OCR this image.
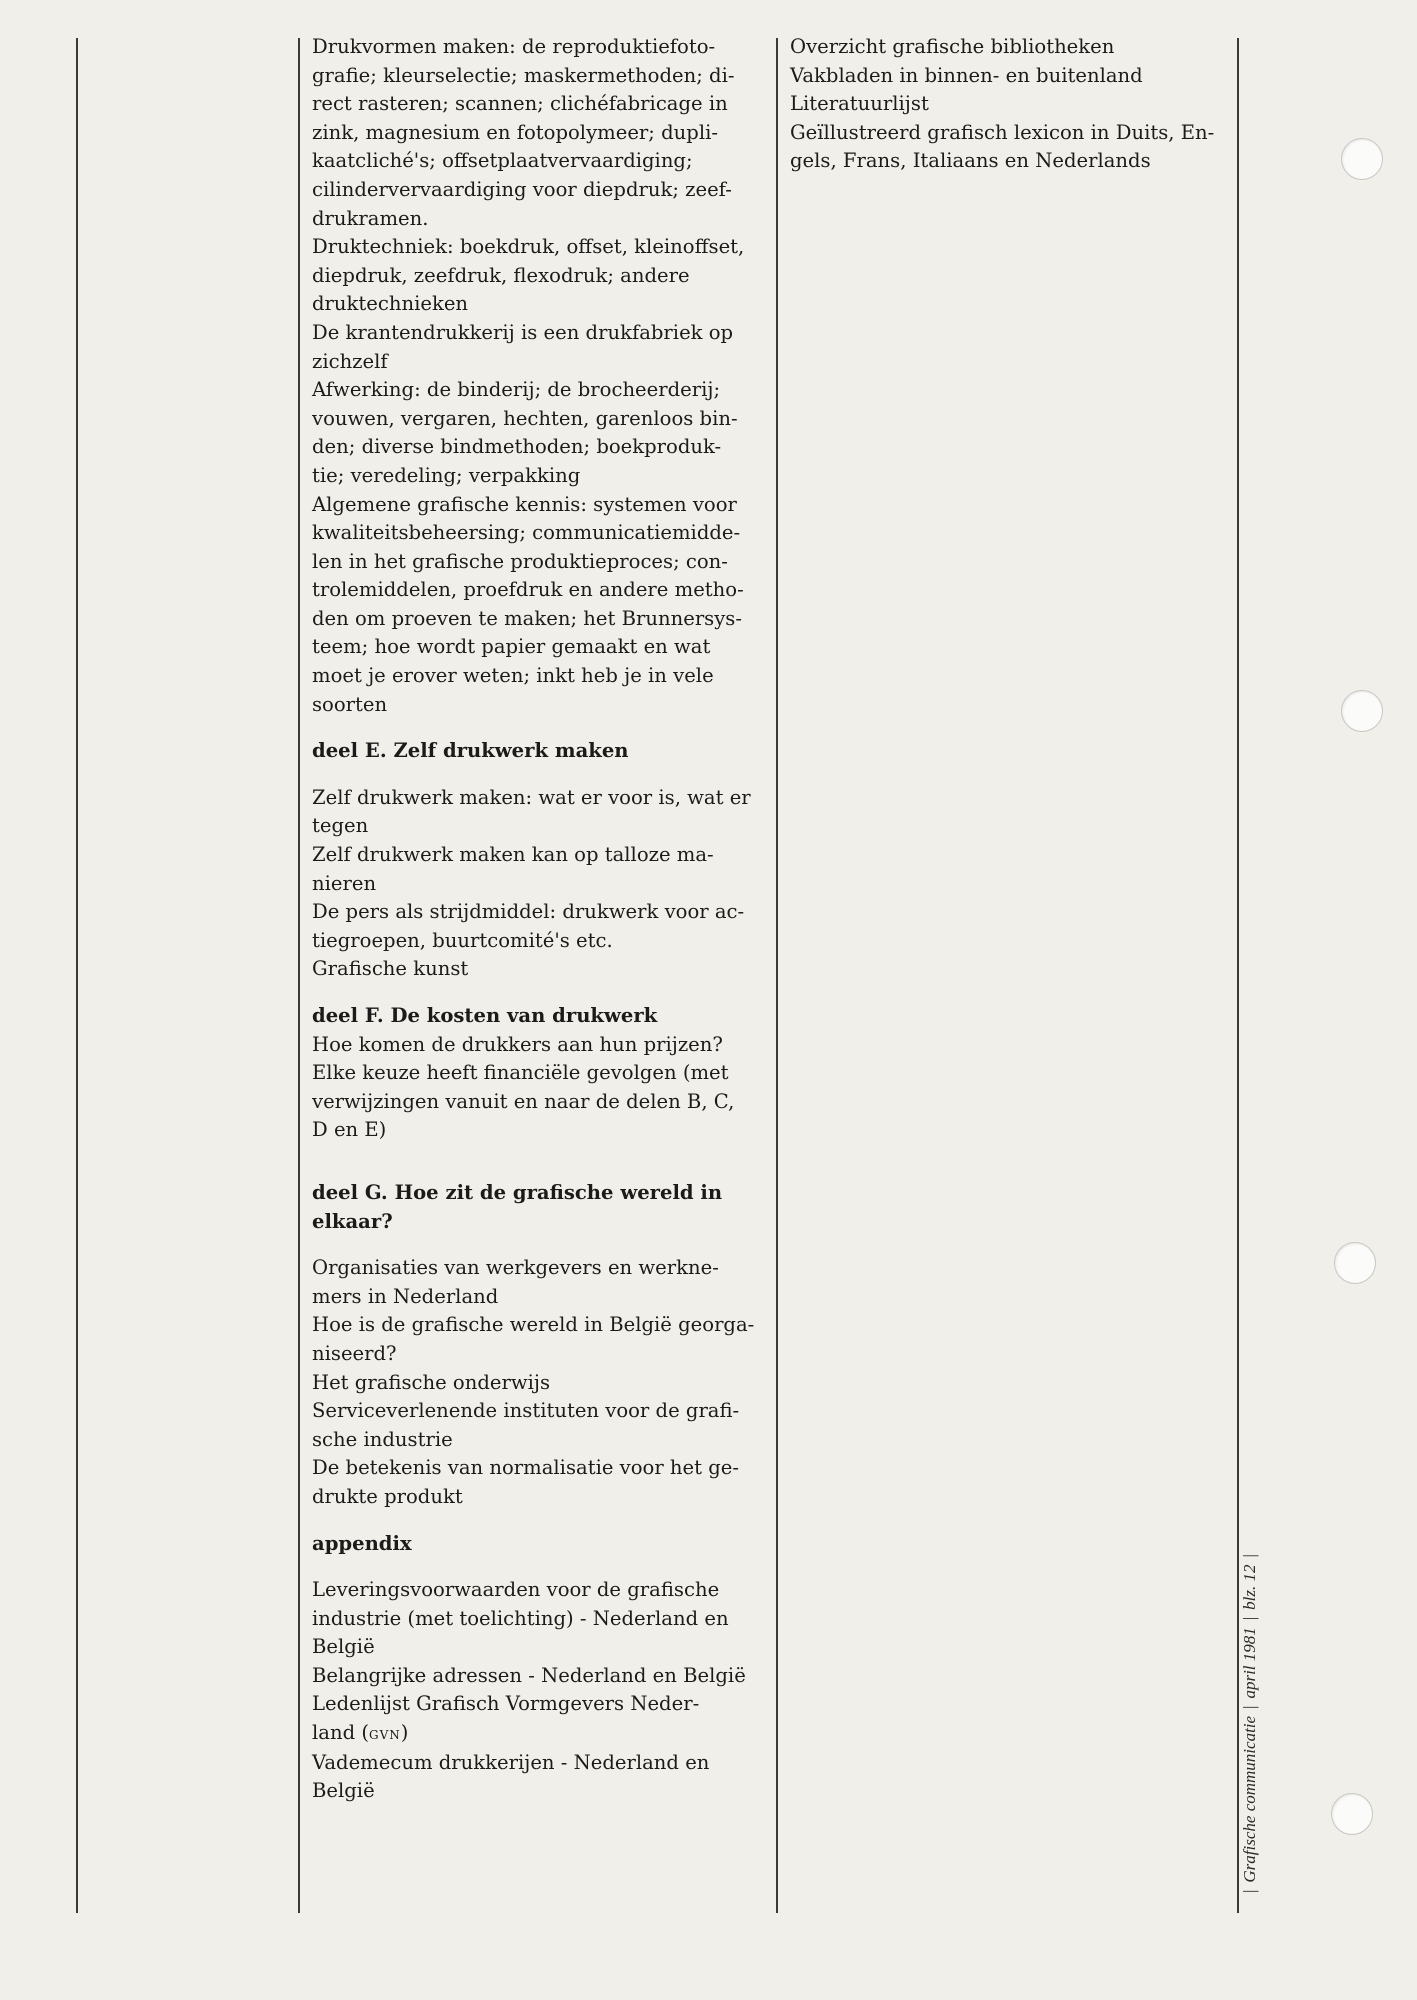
Drukvormen maken: de reproduktiefoto-

grafie; kleurselectie; maskermethoden; di-

rect rasteren; scannen; clichéfabricage in

zink, magnesium en fotopolymeer; dupli-

kaatcliché's; offsetplaatvervaardiging;

cilindervervaardiging voor diepdruk; zeef-

drukramen.

Druktechniek: boekdruk, offset, kleinoffset,

diepdruk, zeefdruk, flexodruk; andere

druktechnieken

De krantendrukkerij is een drukfabriek op

zichzelf

Afwerking: de binderij; de brocheerderij;

vouwen, vergaren, hechten, garenloos bin-

den; diverse bindmethoden; boekproduk-

tie; veredeling; verpakking

Algemene grafische kennis: systemen voor

kwaliteitsbeheersing; communicatiemidde-

len in het grafische produktieproces; con-

trolemiddelen, proefdruk en andere metho-

den om proeven te maken; het Brunnersys-

teem; hoe wordt papier gemaakt en wat

moet je erover weten; inkt heb je in vele

soorten

deel E. Zelf drukwerk maken

Zelf drukwerk maken: wat er voor is, wat er

tegen

Zelf drukwerk maken kan op talloze ma-

nieren

De pers als strijdmiddel: drukwerk voor ac-

tiegroepen, buurtcomité's etc.

Grafische kunst

deel F. De kosten van drukwerk

Hoe komen de drukkers aan hun prijzen?

Elke keuze heeft financiële gevolgen (met

verwijzingen vanuit en naar de delen B, C,

D en E)

deel G. Hoe zit de grafische wereld in
elkaar?

Organisaties van werkgevers en werkne-

mers in Nederland

Hoe is de grafische wereld in België georga-

niseerd?

Het grafische onderwijs

Serviceverlenende instituten voor de grafi-

sche industrie

De betekenis van normalisatie voor het ge-

drukte produkt

appendix

Leveringsvoorwaarden voor de grafische

industrie (met toelichting) - Nederland en

België

Belangrijke adressen - Nederland en België

Ledenlijst Grafisch Vormgevers Neder-

land (gvn)

Vademecum drukkerijen - Nederland en

België

Overzicht grafische bibliotheken

Vakbladen in binnen- en buitenland

Literatuurlijst

Geïllustreerd grafisch lexicon in Duits, En-

gels, Frans, Italiaans en Nederlands

|Grafische communicatie|april 1981|blz. 12|
